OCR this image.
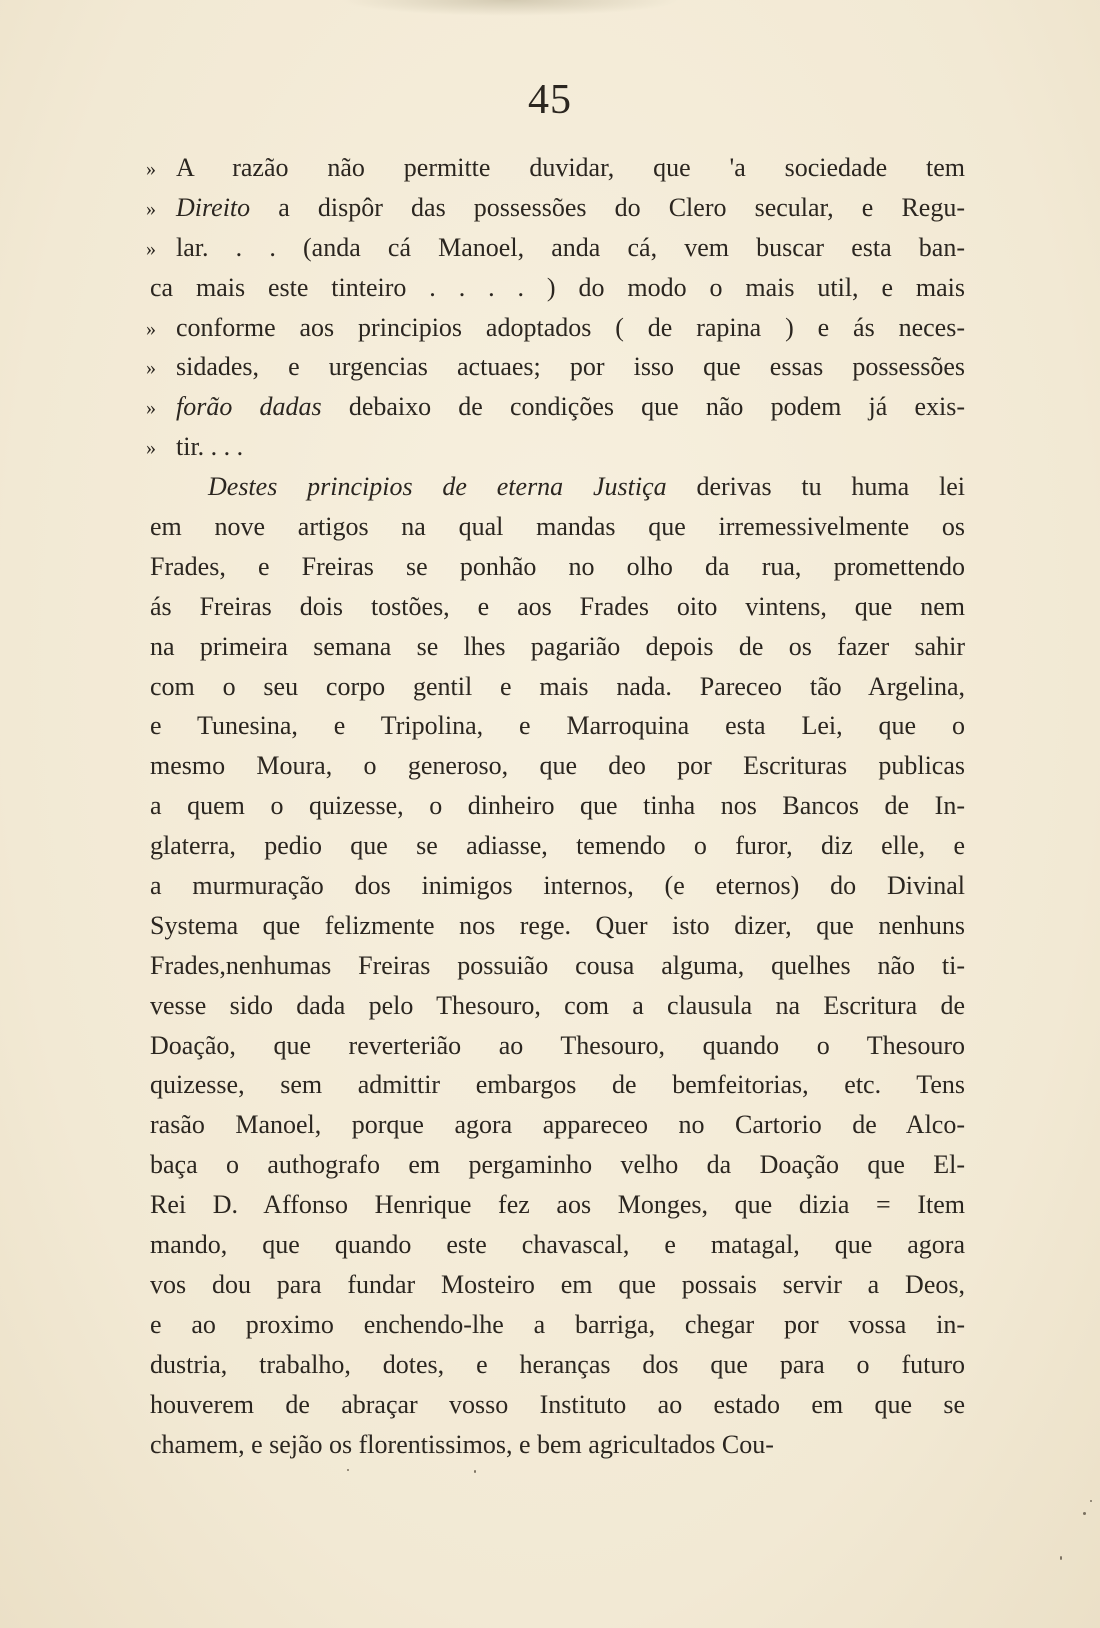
45
» A razão não permitte duvidar, que 'a sociedade tem
» Direito a dispôr das possessões do Clero secular, e Regu-
» lar. . . (anda cá Manoel, anda cá, vem buscar esta ban-
ca mais este tinteiro . . . . ) do modo o mais util, e mais
» conforme aos principios adoptados ( de rapina ) e ás neces-
» sidades, e urgencias actuaes; por isso que essas possessões
» forão dadas debaixo de condições que não podem já exis-
» tir. . . .
Destes principios de eterna Justiça derivas tu huma lei
em nove artigos na qual mandas que irremessivelmente os
Frades, e Freiras se ponhão no olho da rua, promettendo
ás Freiras dois tostões, e aos Frades oito vintens, que nem
na primeira semana se lhes pagarião depois de os fazer sahir
com o seu corpo gentil e mais nada. Pareceo tão Argelina,
e Tunesina, e Tripolina, e Marroquina esta Lei, que o
mesmo Moura, o generoso, que deo por Escrituras publicas
a quem o quizesse, o dinheiro que tinha nos Bancos de In-
glaterra, pedio que se adiasse, temendo o furor, diz elle, e
a murmuração dos inimigos internos, (e eternos) do Divinal
Systema que felizmente nos rege. Quer isto dizer, que nenhuns
Frades,nenhumas Freiras possuião cousa alguma, quelhes não ti-
vesse sido dada pelo Thesouro, com a clausula na Escritura de
Doação, que reverterião ao Thesouro, quando o Thesouro
quizesse, sem admittir embargos de bemfeitorias, etc. Tens
rasão Manoel, porque agora appareceo no Cartorio de Alco-
baça o authografo em pergaminho velho da Doação que El-
Rei D. Affonso Henrique fez aos Monges, que dizia = Item
mando, que quando este chavascal, e matagal, que agora
vos dou para fundar Mosteiro em que possais servir a Deos,
e ao proximo enchendo-lhe a barriga, chegar por vossa in-
dustria, trabalho, dotes, e heranças dos que para o futuro
houverem de abraçar vosso Instituto ao estado em que se
chamem, e sejão os florentissimos, e bem agricultados Cou-
